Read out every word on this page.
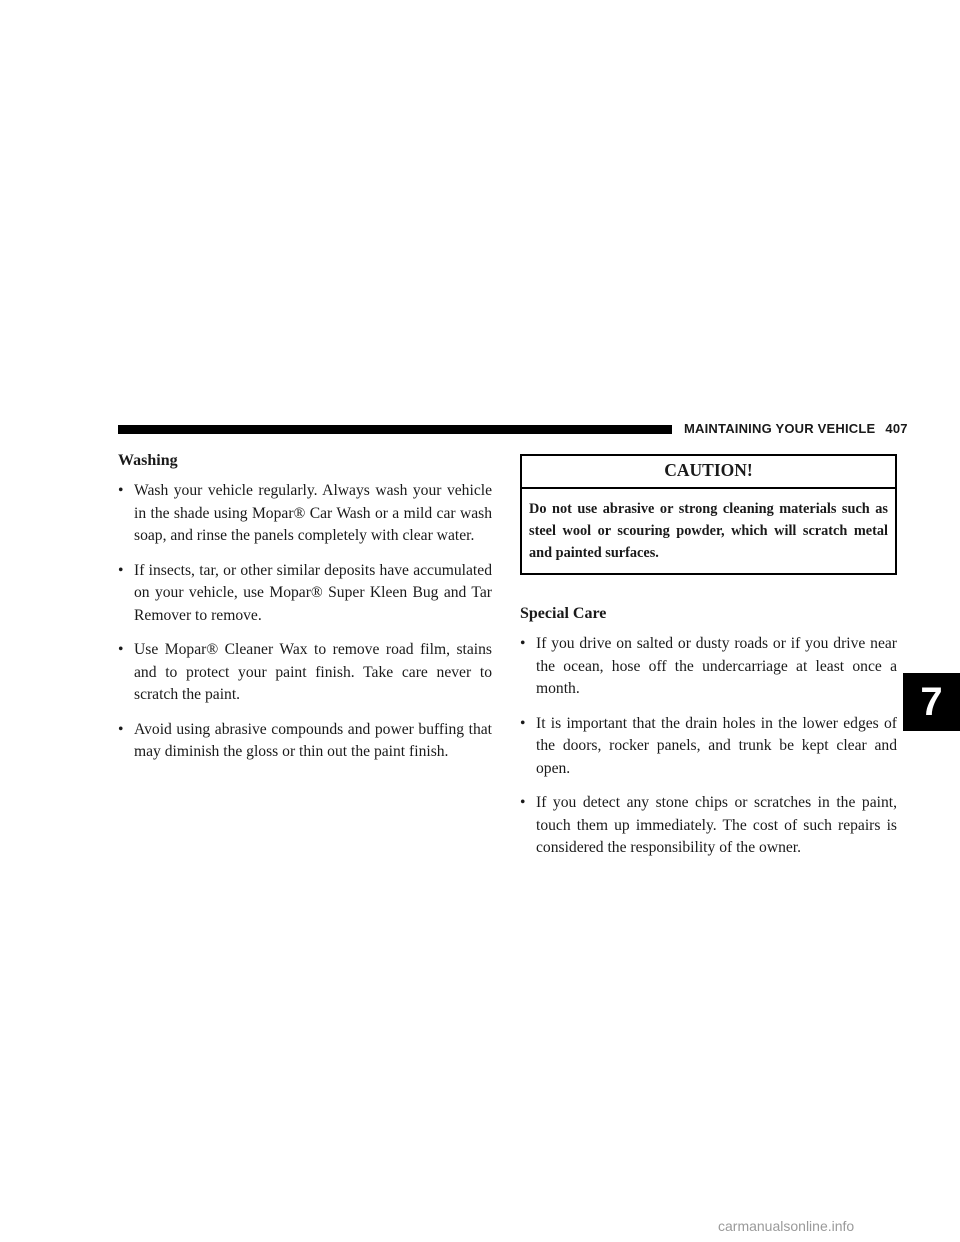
MAINTAINING YOUR VEHICLE 407
7
Washing
• Wash your vehicle regularly. Always wash your vehicle in the shade using Mopar® Car Wash or a mild car wash soap, and rinse the panels completely with clear water.
• If insects, tar, or other similar deposits have accumulated on your vehicle, use Mopar® Super Kleen Bug and Tar Remover to remove.
• Use Mopar® Cleaner Wax to remove road film, stains and to protect your paint finish. Take care never to scratch the paint.
• Avoid using abrasive compounds and power buffing that may diminish the gloss or thin out the paint finish.
CAUTION!
Do not use abrasive or strong cleaning materials such as steel wool or scouring powder, which will scratch metal and painted surfaces.
Special Care
• If you drive on salted or dusty roads or if you drive near the ocean, hose off the undercarriage at least once a month.
• It is important that the drain holes in the lower edges of the doors, rocker panels, and trunk be kept clear and open.
• If you detect any stone chips or scratches in the paint, touch them up immediately. The cost of such repairs is considered the responsibility of the owner.
carmanualsonline.info
